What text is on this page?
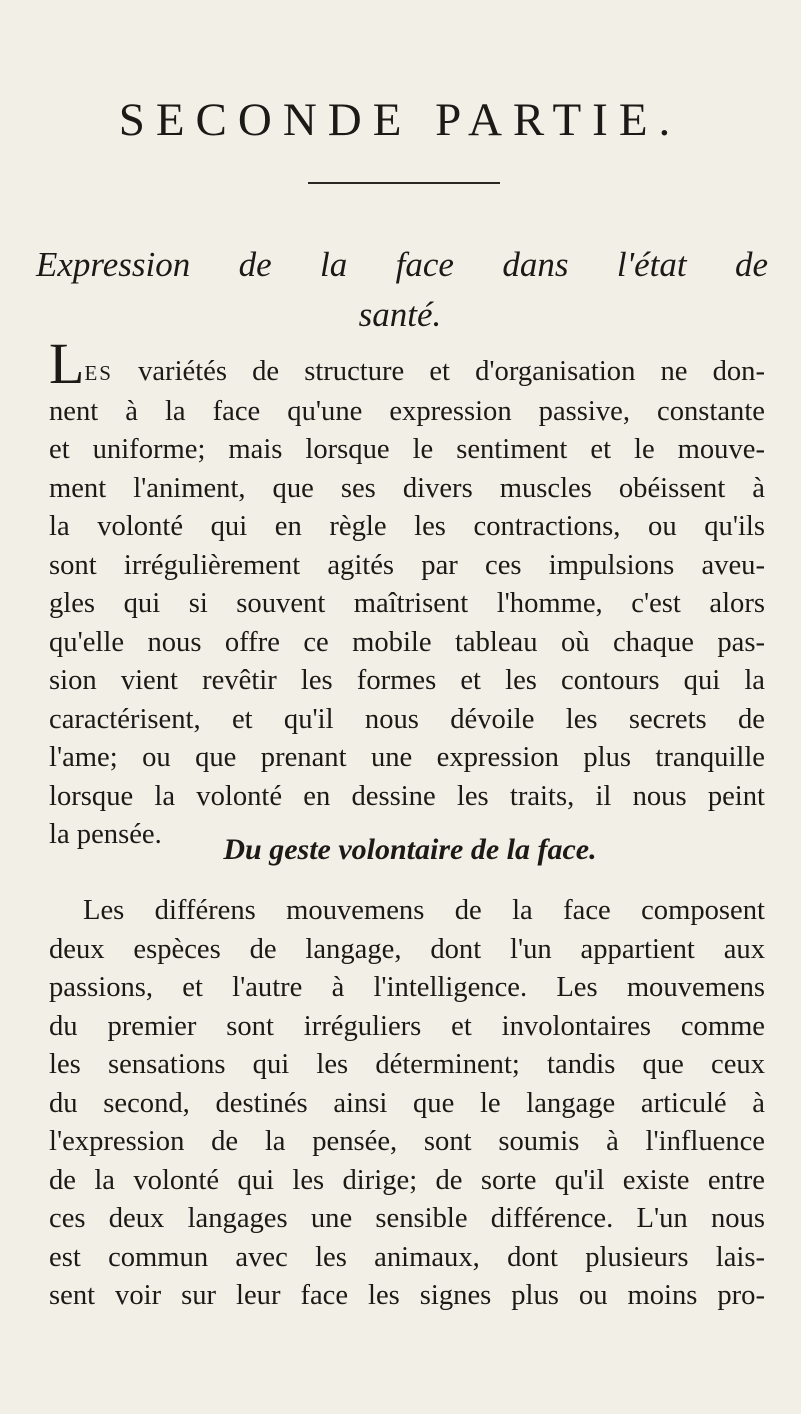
SECONDE PARTIE.
Expression de la face dans l'état de
santé.

LES variétés de structure et d'organisation ne don-
nent à la face qu'une expression passive, constante
et uniforme; mais lorsque le sentiment et le mouve-
ment l'animent, que ses divers muscles obéissent à
la volonté qui en règle les contractions, ou qu'ils
sont irrégulièrement agités par ces impulsions aveu-
gles qui si souvent maîtrisent l'homme, c'est alors
qu'elle nous offre ce mobile tableau où chaque pas-
sion vient revêtir les formes et les contours qui la
caractérisent, et qu'il nous dévoile les secrets de
l'ame; ou que prenant une expression plus tranquille
lorsque la volonté en dessine les traits, il nous peint
la pensée.	Du geste volontaire de la face.

Les différens mouvemens de la face composent
deux espèces de langage, dont l'un appartient aux
passions, et l'autre à l'intelligence. Les mouvemens
du premier sont irréguliers et involontaires comme
les sensations qui les déterminent; tandis que ceux
du second, destinés ainsi que le langage articulé à
l'expression de la pensée, sont soumis à l'influence
de la volonté qui les dirige; de sorte qu'il existe entre
ces deux langages une sensible différence. L'un nous
est commun avec les animaux, dont plusieurs lais-
sent voir sur leur face les signes plus ou moins pro-
